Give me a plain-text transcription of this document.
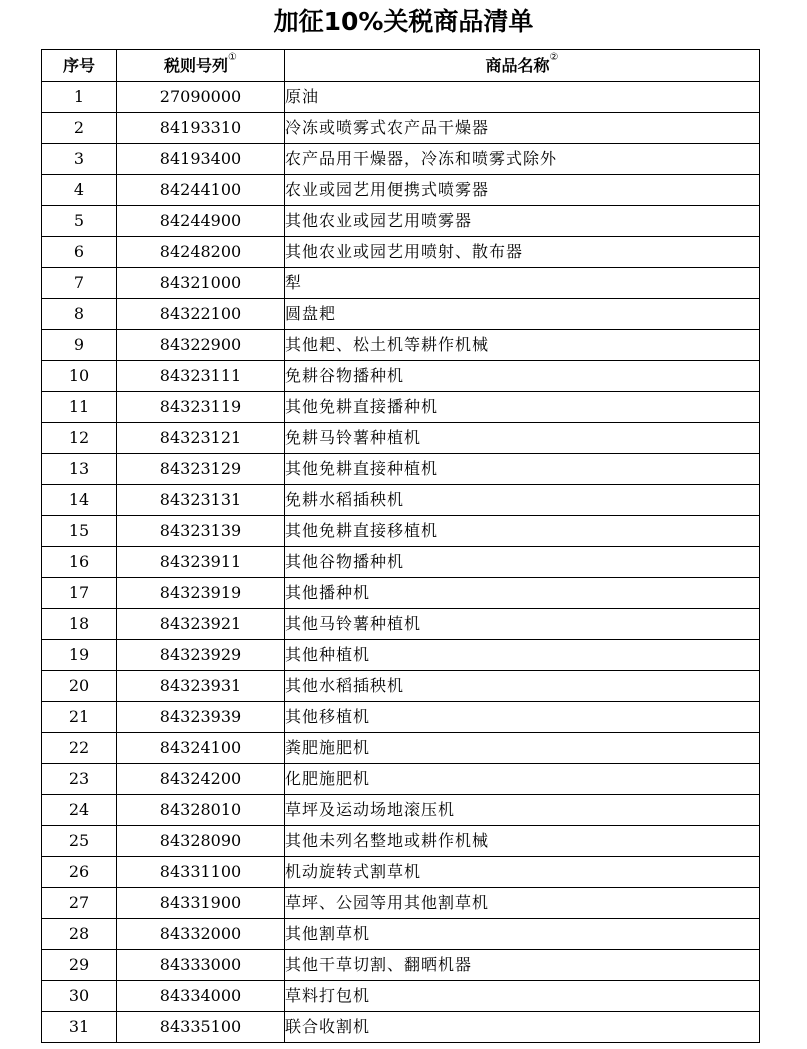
加征10%关税商品清单
序号	税则号列①	商品名称②
1	27090000	原油
2	84193310	冷冻或喷雾式农产品干燥器
3	84193400	农产品用干燥器，冷冻和喷雾式除外
4	84244100	农业或园艺用便携式喷雾器
5	84244900	其他农业或园艺用喷雾器
6	84248200	其他农业或园艺用喷射、散布器
7	84321000	犁
8	84322100	圆盘耙
9	84322900	其他耙、松土机等耕作机械
10	84323111	免耕谷物播种机
11	84323119	其他免耕直接播种机
12	84323121	免耕马铃薯种植机
13	84323129	其他免耕直接种植机
14	84323131	免耕水稻插秧机
15	84323139	其他免耕直接移植机
16	84323911	其他谷物播种机
17	84323919	其他播种机
18	84323921	其他马铃薯种植机
19	84323929	其他种植机
20	84323931	其他水稻插秧机
21	84323939	其他移植机
22	84324100	粪肥施肥机
23	84324200	化肥施肥机
24	84328010	草坪及运动场地滚压机
25	84328090	其他未列名整地或耕作机械
26	84331100	机动旋转式割草机
27	84331900	草坪、公园等用其他割草机
28	84332000	其他割草机
29	84333000	其他干草切割、翻晒机器
30	84334000	草料打包机
31	84335100	联合收割机
